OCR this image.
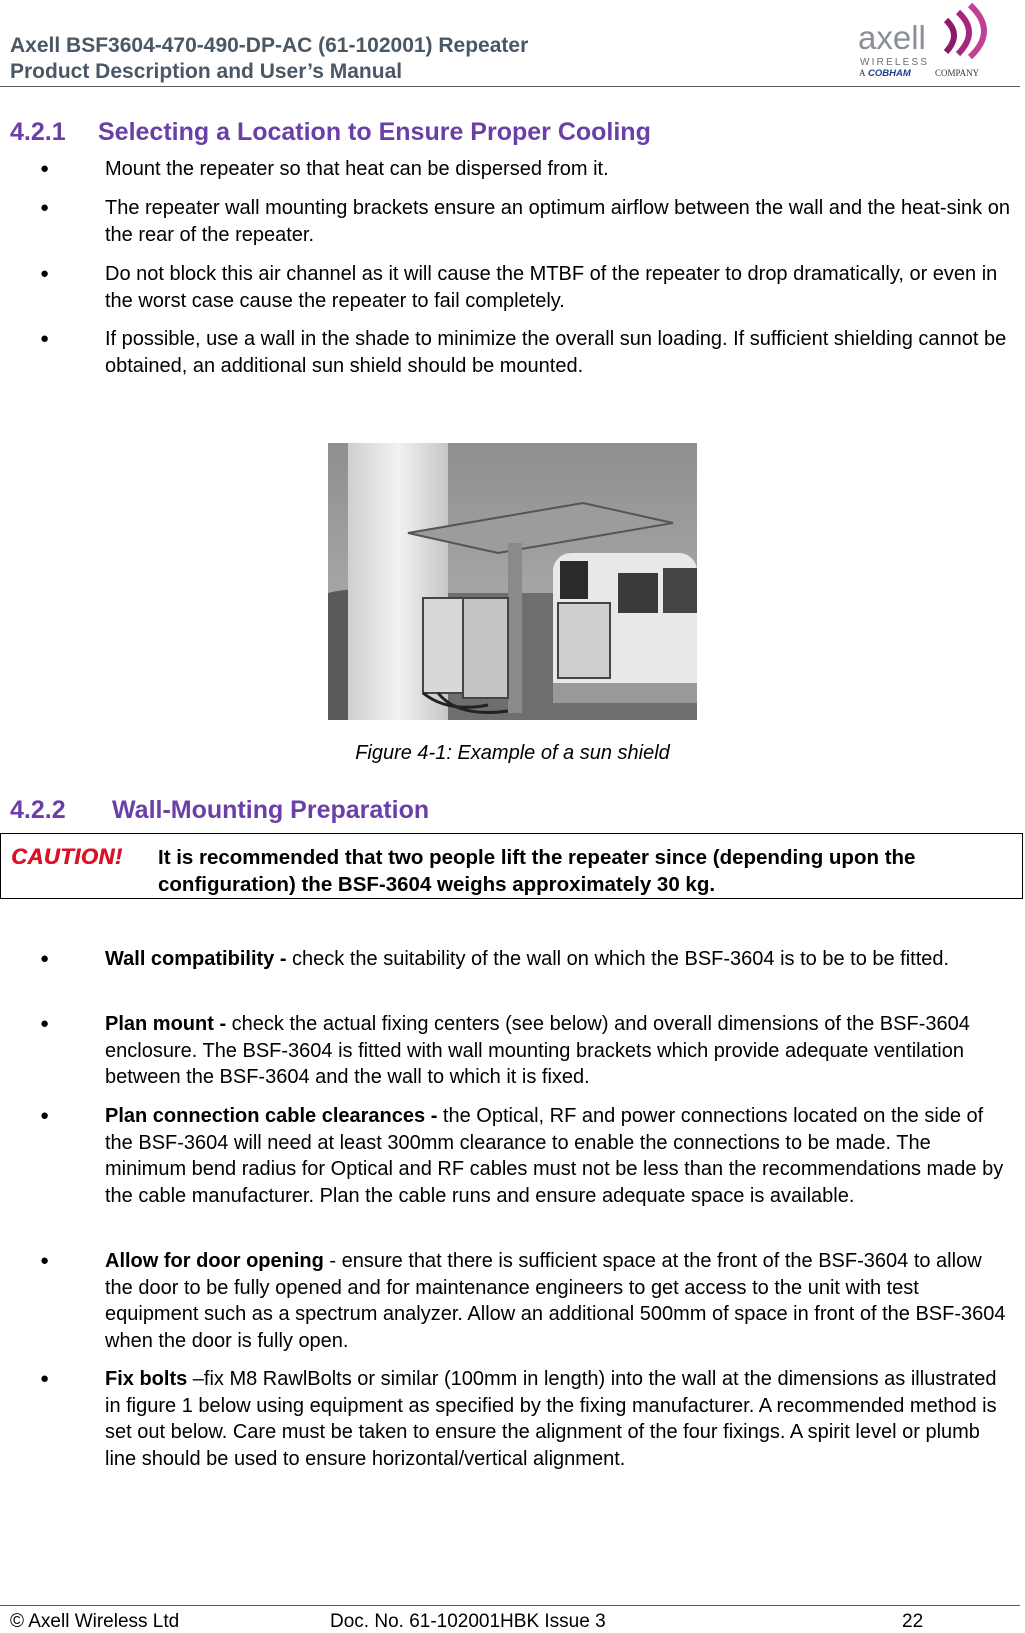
Axell BSF3604-470-490-DP-AC (61-102001) Repeater
Product Description and User’s Manual
axell
WIRELESS
A COBHAM	COMPANY
4.2.1 Selecting a Location to Ensure Proper Cooling
●	Mount the repeater so that heat can be dispersed from it.
●	The repeater wall mounting brackets ensure an optimum airflow between the wall and the heat-sink on the rear of the repeater.
●	Do not block this air channel as it will cause the MTBF of the repeater to drop dramatically, or even in the worst case cause the repeater to fail completely.
●	If possible, use a wall in the shade to minimize the overall sun loading. If sufficient shielding cannot be obtained, an additional sun shield should be mounted.
Figure 4-1: Example of a sun shield
4.2.2 Wall-Mounting Preparation
CAUTION! It is recommended that two people lift the repeater since (depending upon the configuration) the BSF-3604 weighs approximately 30 kg.
●	Wall compatibility - check the suitability of the wall on which the BSF-3604 is to be to be fitted.
●	Plan mount - check the actual fixing centers (see below) and overall dimensions of the BSF-3604 enclosure. The BSF-3604 is fitted with wall mounting brackets which provide adequate ventilation between the BSF-3604 and the wall to which it is fixed.
●	Plan connection cable clearances - the Optical, RF and power connections located on the side of the BSF-3604 will need at least 300mm clearance to enable the connections to be made. The minimum bend radius for Optical and RF cables must not be less than the recommendations made by the cable manufacturer. Plan the cable runs and ensure adequate space is available.
●	Allow for door opening - ensure that there is sufficient space at the front of the BSF-3604 to allow the door to be fully opened and for maintenance engineers to get access to the unit with test equipment such as a spectrum analyzer. Allow an additional 500mm of space in front of the BSF-3604 when the door is fully open.
●	Fix bolts –fix M8 RawlBolts or similar (100mm in length) into the wall at the dimensions as illustrated in figure 1 below using equipment as specified by the fixing manufacturer. A recommended method is set out below. Care must be taken to ensure the alignment of the four fixings. A spirit level or plumb line should be used to ensure horizontal/vertical alignment.
© Axell Wireless Ltd	Doc. No. 61-102001HBK Issue 3	22
